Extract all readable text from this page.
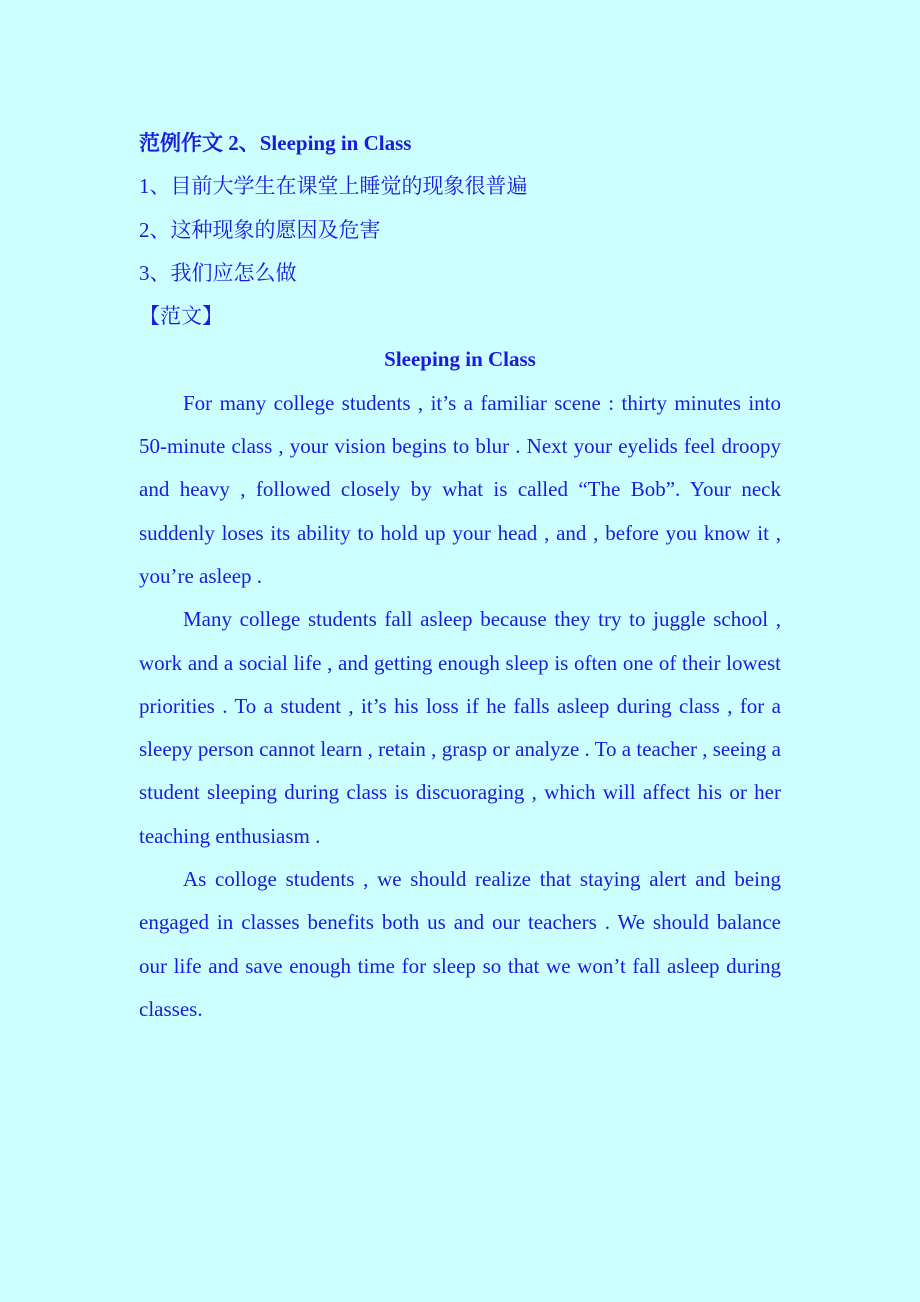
范例作文 2、Sleeping in Class
1、目前大学生在课堂上睡觉的现象很普遍
2、这种现象的愿因及危害
3、我们应怎么做
【范文】
Sleeping in Class

For many college students , it’s a familiar scene : thirty minutes into 50-minute class , your vision begins to blur . Next your eyelids feel droopy and heavy , followed closely by what is called “The Bob”. Your neck suddenly loses its ability to hold up your head , and , before you know it , you’re asleep .

Many college students fall asleep because they try to juggle school , work and a social life , and getting enough sleep is often one of their lowest priorities . To a student , it’s his loss if he falls asleep during class , for a sleepy person cannot learn , retain , grasp or analyze . To a teacher , seeing a student sleeping during class is discuoraging , which will affect his or her teaching enthusiasm .

As colloge students , we should realize that staying alert and being engaged in classes benefits both us and our teachers . We should balance our life and save enough time for sleep so that we won’t fall asleep during classes.
